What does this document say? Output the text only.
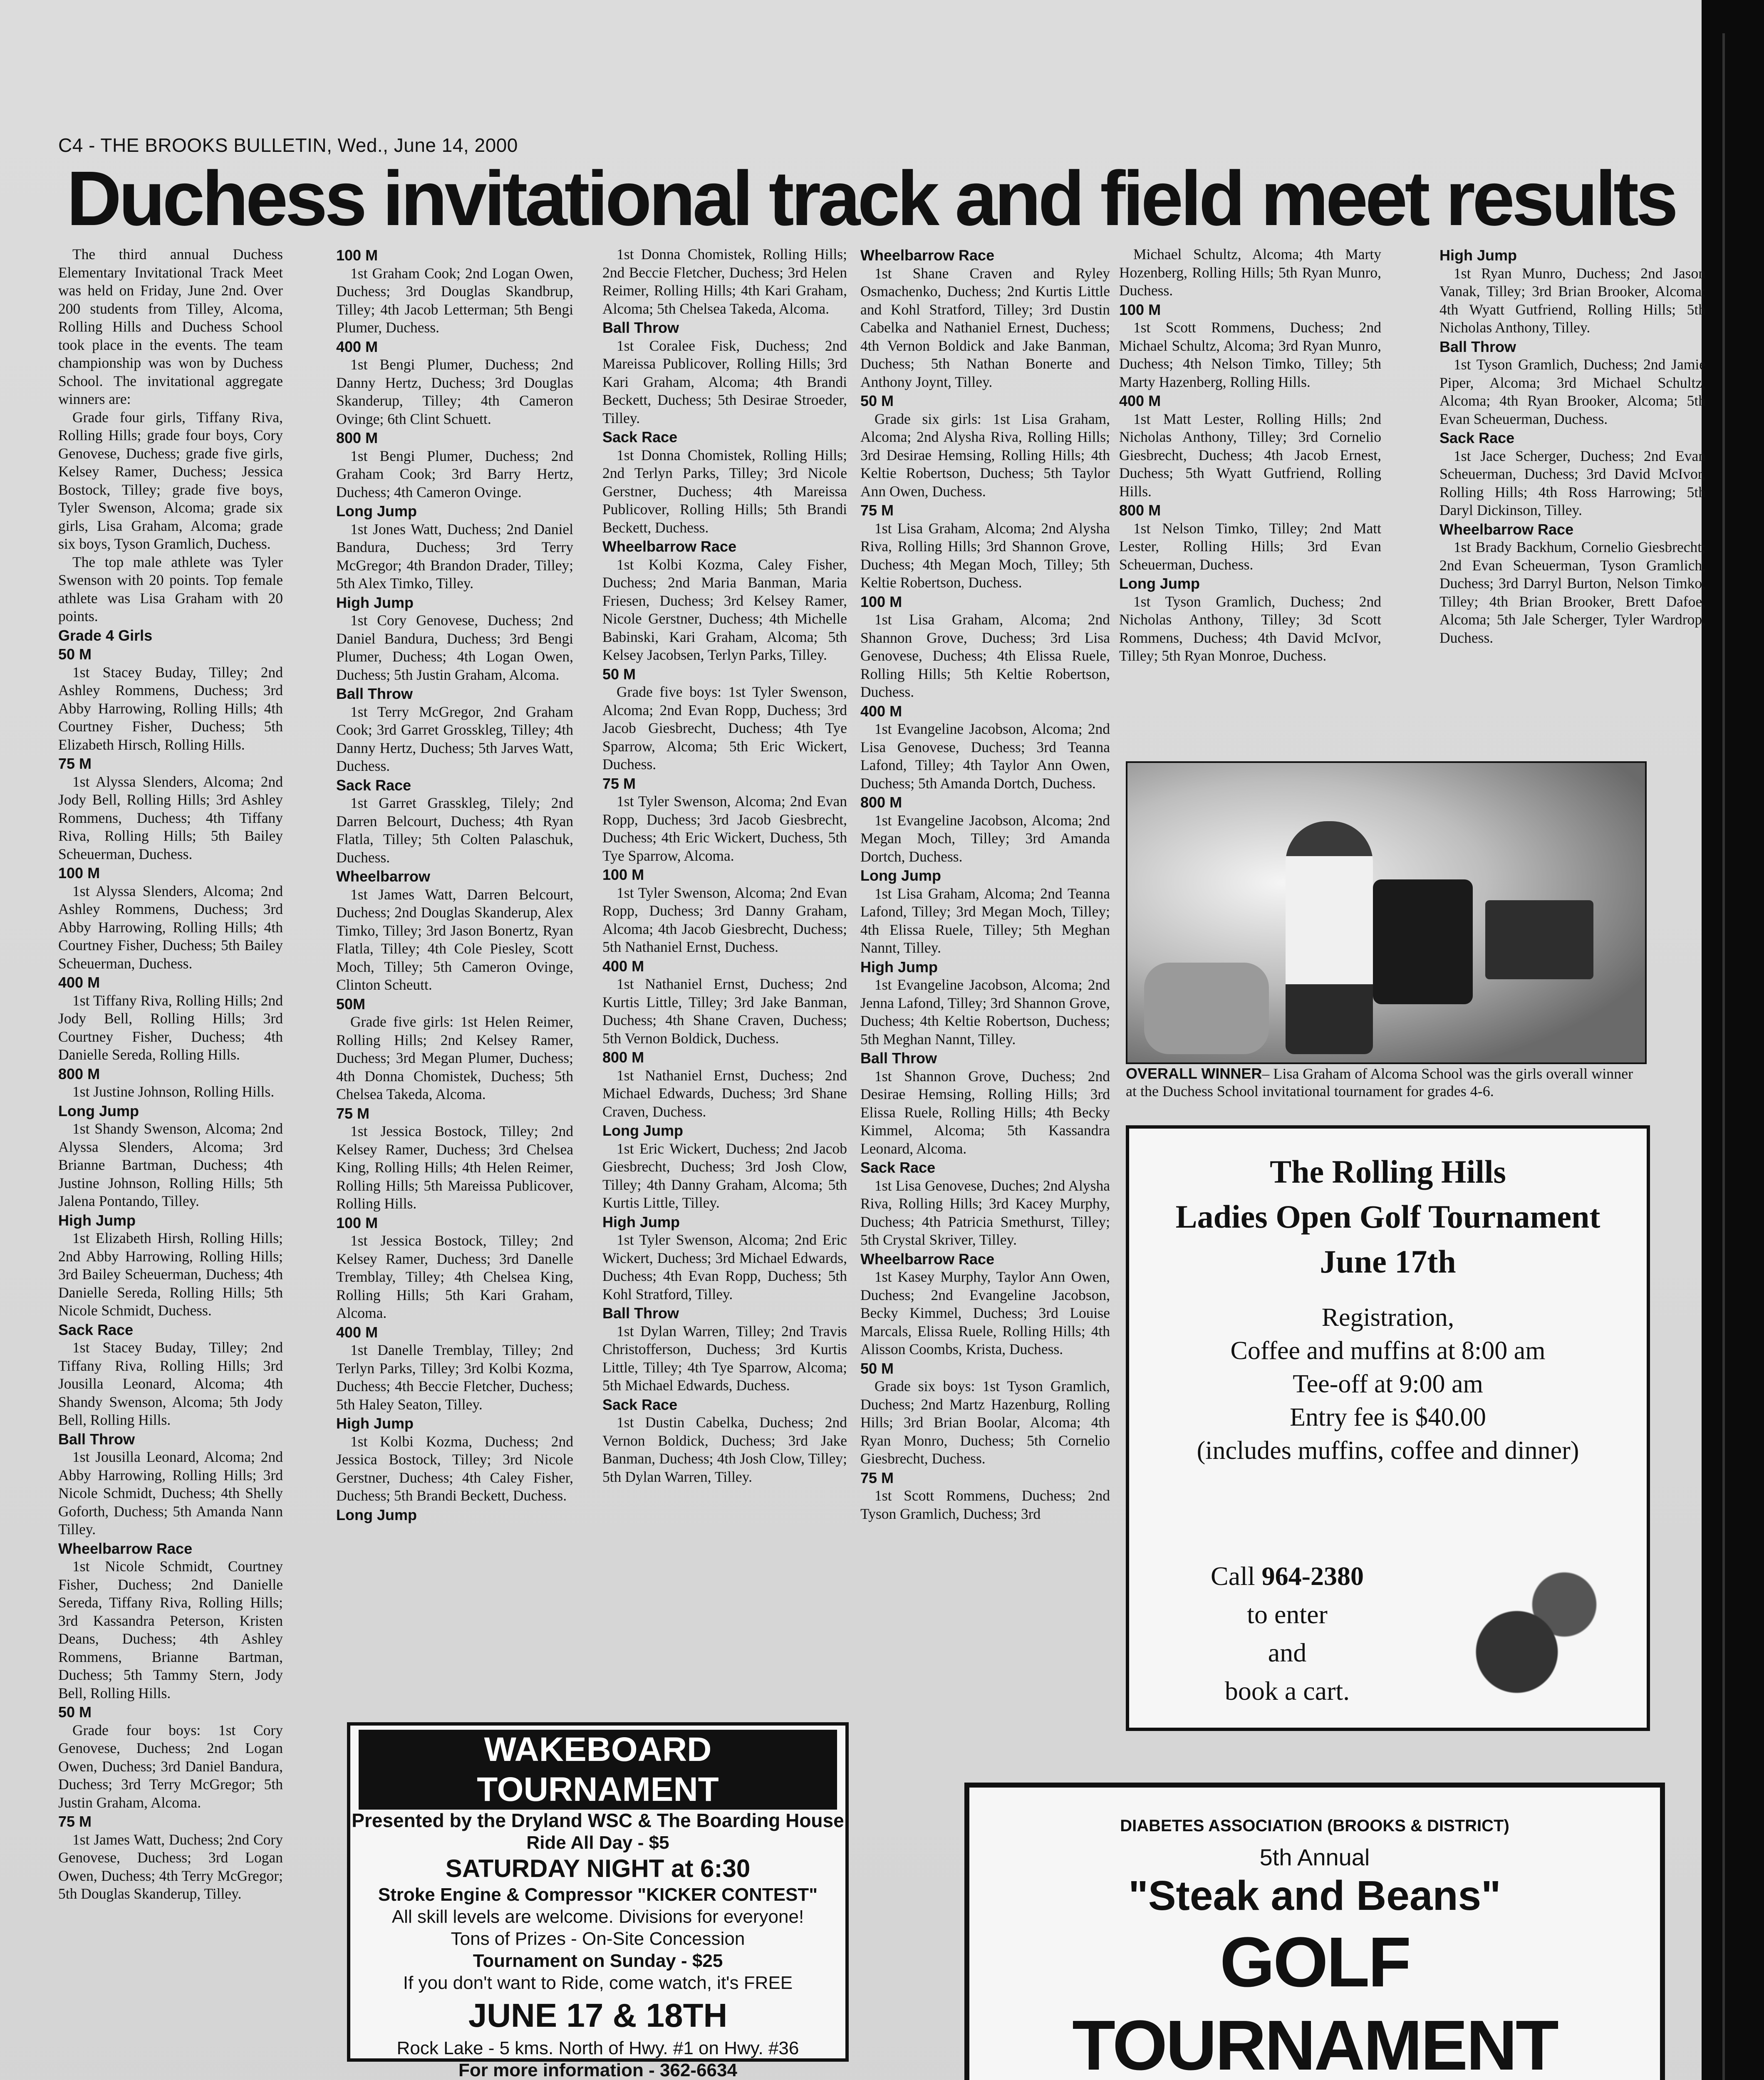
C4 - THE BROOKS BULLETIN, Wed., June 14, 2000
Duchess invitational track and field meet results

The third annual Duchess Elementary Invitational Track Meet was held on Friday, June 2nd. Over 200 students from Tilley, Alcoma, Rolling Hills and Duchess School took place in the events. The team championship was won by Duchess School. The invitational aggregate winners are:

Grade four girls, Tiffany Riva, Rolling Hills; grade four boys, Cory Genovese, Duchess; grade five girls, Kelsey Ramer, Duchess; Jessica Bostock, Tilley; grade five boys, Tyler Swenson, Alcoma; grade six girls, Lisa Graham, Alcoma; grade six boys, Tyson Gramlich, Duchess.

The top male athlete was Tyler Swenson with 20 points. Top female athlete was Lisa Graham with 20 points.

Grade 4 Girls

50 M

1st Stacey Buday, Tilley; 2nd Ashley Rommens, Duchess; 3rd Abby Harrowing, Rolling Hills; 4th Courtney Fisher, Duchess; 5th Elizabeth Hirsch, Rolling Hills.

75 M

1st Alyssa Slenders, Alcoma; 2nd Jody Bell, Rolling Hills; 3rd Ashley Rommens, Duchess; 4th Tiffany Riva, Rolling Hills; 5th Bailey Scheuerman, Duchess.

100 M

1st Alyssa Slenders, Alcoma; 2nd Ashley Rommens, Duchess; 3rd Abby Harrowing, Rolling Hills; 4th Courtney Fisher, Duchess; 5th Bailey Scheuerman, Duchess.

400 M

1st Tiffany Riva, Rolling Hills; 2nd Jody Bell, Rolling Hills; 3rd Courtney Fisher, Duchess; 4th Danielle Sereda, Rolling Hills.

800 M

1st Justine Johnson, Rolling Hills.

Long Jump

1st Shandy Swenson, Alcoma; 2nd Alyssa Slenders, Alcoma; 3rd Brianne Bartman, Duchess; 4th Justine Johnson, Rolling Hills; 5th Jalena Pontando, Tilley.

High Jump

1st Elizabeth Hirsh, Rolling Hills; 2nd Abby Harrowing, Rolling Hills; 3rd Bailey Scheuerman, Duchess; 4th Danielle Sereda, Rolling Hills; 5th Nicole Schmidt, Duchess.

Sack Race

1st Stacey Buday, Tilley; 2nd Tiffany Riva, Rolling Hills; 3rd Jousilla Leonard, Alcoma; 4th Shandy Swenson, Alcoma; 5th Jody Bell, Rolling Hills.

Ball Throw

1st Jousilla Leonard, Alcoma; 2nd Abby Harrowing, Rolling Hills; 3rd Nicole Schmidt, Duchess; 4th Shelly Goforth, Duchess; 5th Amanda Nann Tilley.

Wheelbarrow Race

1st Nicole Schmidt, Courtney Fisher, Duchess; 2nd Danielle Sereda, Tiffany Riva, Rolling Hills; 3rd Kassandra Peterson, Kristen Deans, Duchess; 4th Ashley Rommens, Brianne Bartman, Duchess; 5th Tammy Stern, Jody Bell, Rolling Hills.

50 M

Grade four boys: 1st Cory Genovese, Duchess; 2nd Logan Owen, Duchess; 3rd Daniel Bandura, Duchess; 3rd Terry McGregor; 5th Justin Graham, Alcoma.

75 M

1st James Watt, Duchess; 2nd Cory Genovese, Duchess; 3rd Logan Owen, Duchess; 4th Terry McGregor; 5th Douglas Skanderup, Tilley.

100 M

1st Graham Cook; 2nd Logan Owen, Duchess; 3rd Douglas Skandbrup, Tilley; 4th Jacob Letterman; 5th Bengi Plumer, Duchess.

400 M

1st Bengi Plumer, Duchess; 2nd Danny Hertz, Duchess; 3rd Douglas Skanderup, Tilley; 4th Cameron Ovinge; 6th Clint Schuett.

800 M

1st Bengi Plumer, Duchess; 2nd Graham Cook; 3rd Barry Hertz, Duchess; 4th Cameron Ovinge.

Long Jump

1st Jones Watt, Duchess; 2nd Daniel Bandura, Duchess; 3rd Terry McGregor; 4th Brandon Drader, Tilley; 5th Alex Timko, Tilley.

High Jump

1st Cory Genovese, Duchess; 2nd Daniel Bandura, Duchess; 3rd Bengi Plumer, Duchess; 4th Logan Owen, Duchess; 5th Justin Graham, Alcoma.

Ball Throw

1st Terry McGregor, 2nd Graham Cook; 3rd Garret Grosskleg, Tilley; 4th Danny Hertz, Duchess; 5th Jarves Watt, Duchess.

Sack Race

1st Garret Grasskleg, Tilely; 2nd Darren Belcourt, Duchess; 4th Ryan Flatla, Tilley; 5th Colten Palaschuk, Duchess.

Wheelbarrow

1st James Watt, Darren Belcourt, Duchess; 2nd Douglas Skanderup, Alex Timko, Tilley; 3rd Jason Bonertz, Ryan Flatla, Tilley; 4th Cole Piesley, Scott Moch, Tilley; 5th Cameron Ovinge, Clinton Scheutt.

50M

Grade five girls: 1st Helen Reimer, Rolling Hills; 2nd Kelsey Ramer, Duchess; 3rd Megan Plumer, Duchess; 4th Donna Chomistek, Duchess; 5th Chelsea Takeda, Alcoma.

75 M

1st Jessica Bostock, Tilley; 2nd Kelsey Ramer, Duchess; 3rd Chelsea King, Rolling Hills; 4th Helen Reimer, Rolling Hills; 5th Mareissa Publicover, Rolling Hills.

100 M

1st Jessica Bostock, Tilley; 2nd Kelsey Ramer, Duchess; 3rd Danelle Tremblay, Tilley; 4th Chelsea King, Rolling Hills; 5th Kari Graham, Alcoma.

400 M

1st Danelle Tremblay, Tilley; 2nd Terlyn Parks, Tilley; 3rd Kolbi Kozma, Duchess; 4th Beccie Fletcher, Duchess; 5th Haley Seaton, Tilley.

High Jump

1st Kolbi Kozma, Duchess; 2nd Jessica Bostock, Tilley; 3rd Nicole Gerstner, Duchess; 4th Caley Fisher, Duchess; 5th Brandi Beckett, Duchess.

Long Jump

1st Donna Chomistek, Rolling Hills; 2nd Beccie Fletcher, Duchess; 3rd Helen Reimer, Rolling Hills; 4th Kari Graham, Alcoma; 5th Chelsea Takeda, Alcoma.

Ball Throw

1st Coralee Fisk, Duchess; 2nd Mareissa Publicover, Rolling Hills; 3rd Kari Graham, Alcoma; 4th Brandi Beckett, Duchess; 5th Desirae Stroeder, Tilley.

Sack Race

1st Donna Chomistek, Rolling Hills; 2nd Terlyn Parks, Tilley; 3rd Nicole Gerstner, Duchess; 4th Mareissa Publicover, Rolling Hills; 5th Brandi Beckett, Duchess.

Wheelbarrow Race

1st Kolbi Kozma, Caley Fisher, Duchess; 2nd Maria Banman, Maria Friesen, Duchess; 3rd Kelsey Ramer, Nicole Gerstner, Duchess; 4th Michelle Babinski, Kari Graham, Alcoma; 5th Kelsey Jacobsen, Terlyn Parks, Tilley.

50 M

Grade five boys: 1st Tyler Swenson, Alcoma; 2nd Evan Ropp, Duchess; 3rd Jacob Giesbrecht, Duchess; 4th Tye Sparrow, Alcoma; 5th Eric Wickert, Duchess.

75 M

1st Tyler Swenson, Alcoma; 2nd Evan Ropp, Duchess; 3rd Jacob Giesbrecht, Duchess; 4th Eric Wickert, Duchess, 5th Tye Sparrow, Alcoma.

100 M

1st Tyler Swenson, Alcoma; 2nd Evan Ropp, Duchess; 3rd Danny Graham, Alcoma; 4th Jacob Giesbrecht, Duchess; 5th Nathaniel Ernst, Duchess.

400 M

1st Nathaniel Ernst, Duchess; 2nd Kurtis Little, Tilley; 3rd Jake Banman, Duchess; 4th Shane Craven, Duchess; 5th Vernon Boldick, Duchess.

800 M

1st Nathaniel Ernst, Duchess; 2nd Michael Edwards, Duchess; 3rd Shane Craven, Duchess.

Long Jump

1st Eric Wickert, Duchess; 2nd Jacob Giesbrecht, Duchess; 3rd Josh Clow, Tilley; 4th Danny Graham, Alcoma; 5th Kurtis Little, Tilley.

High Jump

1st Tyler Swenson, Alcoma; 2nd Eric Wickert, Duchess; 3rd Michael Edwards, Duchess; 4th Evan Ropp, Duchess; 5th Kohl Stratford, Tilley.

Ball Throw

1st Dylan Warren, Tilley; 2nd Travis Christofferson, Duchess; 3rd Kurtis Little, Tilley; 4th Tye Sparrow, Alcoma; 5th Michael Edwards, Duchess.

Sack Race

1st Dustin Cabelka, Duchess; 2nd Vernon Boldick, Duchess; 3rd Jake Banman, Duchess; 4th Josh Clow, Tilley; 5th Dylan Warren, Tilley.

Wheelbarrow Race

1st Shane Craven and Ryley Osmachenko, Duchess; 2nd Kurtis Little and Kohl Stratford, Tilley; 3rd Dustin Cabelka and Nathaniel Ernest, Duchess; 4th Vernon Boldick and Jake Banman, Duchess; 5th Nathan Bonerte and Anthony Joynt, Tilley.

50 M

Grade six girls: 1st Lisa Graham, Alcoma; 2nd Alysha Riva, Rolling Hills; 3rd Desirae Hemsing, Rolling Hills; 4th Keltie Robertson, Duchess; 5th Taylor Ann Owen, Duchess.

75 M

1st Lisa Graham, Alcoma; 2nd Alysha Riva, Rolling Hills; 3rd Shannon Grove, Duchess; 4th Megan Moch, Tilley; 5th Keltie Robertson, Duchess.

100 M

1st Lisa Graham, Alcoma; 2nd Shannon Grove, Duchess; 3rd Lisa Genovese, Duchess; 4th Elissa Ruele, Rolling Hills; 5th Keltie Robertson, Duchess.

400 M

1st Evangeline Jacobson, Alcoma; 2nd Lisa Genovese, Duchess; 3rd Teanna Lafond, Tilley; 4th Taylor Ann Owen, Duchess; 5th Amanda Dortch, Duchess.

800 M

1st Evangeline Jacobson, Alcoma; 2nd Megan Moch, Tilley; 3rd Amanda Dortch, Duchess.

Long Jump

1st Lisa Graham, Alcoma; 2nd Teanna Lafond, Tilley; 3rd Megan Moch, Tilley; 4th Elissa Ruele, Tilley; 5th Meghan Nannt, Tilley.

High Jump

1st Evangeline Jacobson, Alcoma; 2nd Jenna Lafond, Tilley; 3rd Shannon Grove, Duchess; 4th Keltie Robertson, Duchess; 5th Meghan Nannt, Tilley.

Ball Throw

1st Shannon Grove, Duchess; 2nd Desirae Hemsing, Rolling Hills; 3rd Elissa Ruele, Rolling Hills; 4th Becky Kimmel, Alcoma; 5th Kassandra Leonard, Alcoma.

Sack Race

1st Lisa Genovese, Duches; 2nd Alysha Riva, Rolling Hills; 3rd Kacey Murphy, Duchess; 4th Patricia Smethurst, Tilley; 5th Crystal Skriver, Tilley.

Wheelbarrow Race

1st Kasey Murphy, Taylor Ann Owen, Duchess; 2nd Evangeline Jacobson, Becky Kimmel, Duchess; 3rd Louise Marcals, Elissa Ruele, Rolling Hills; 4th Alisson Coombs, Krista, Duchess.

50 M

Grade six boys: 1st Tyson Gramlich, Duchess; 2nd Martz Hazenburg, Rolling Hills; 3rd Brian Boolar, Alcoma; 4th Ryan Monro, Duchess; 5th Cornelio Giesbrecht, Duchess.

75 M

1st Scott Rommens, Duchess; 2nd Tyson Gramlich, Duchess; 3rd

Michael Schultz, Alcoma; 4th Marty Hozenberg, Rolling Hills; 5th Ryan Munro, Duchess.

100 M

1st Scott Rommens, Duchess; 2nd Michael Schultz, Alcoma; 3rd Ryan Munro, Duchess; 4th Nelson Timko, Tilley; 5th Marty Hazenberg, Rolling Hills.

400 M

1st Matt Lester, Rolling Hills; 2nd Nicholas Anthony, Tilley; 3rd Cornelio Giesbrecht, Duchess; 4th Jacob Ernest, Duchess; 5th Wyatt Gutfriend, Rolling Hills.

800 M

1st Nelson Timko, Tilley; 2nd Matt Lester, Rolling Hills; 3rd Evan Scheuerman, Duchess.

Long Jump

1st Tyson Gramlich, Duchess; 2nd Nicholas Anthony, Tilley; 3d Scott Rommens, Duchess; 4th David McIvor, Tilley; 5th Ryan Monroe, Duchess.

High Jump

1st Ryan Munro, Duchess; 2nd Jason Vanak, Tilley; 3rd Brian Brooker, Alcoma; 4th Wyatt Gutfriend, Rolling Hills; 5th Nicholas Anthony, Tilley.

Ball Throw

1st Tyson Gramlich, Duchess; 2nd Jamie Piper, Alcoma; 3rd Michael Schultz, Alcoma; 4th Ryan Brooker, Alcoma; 5th Evan Scheuerman, Duchess.

Sack Race

1st Jace Scherger, Duchess; 2nd Evan Scheuerman, Duchess; 3rd David McIvor, Rolling Hills; 4th Ross Harrowing; 5th Daryl Dickinson, Tilley.

Wheelbarrow Race

1st Brady Backhum, Cornelio Giesbrecht; 2nd Evan Scheuerman, Tyson Gramlich, Duchess; 3rd Darryl Burton, Nelson Timko, Tilley; 4th Brian Brooker, Brett Dafoe, Alcoma; 5th Jale Scherger, Tyler Wardrop, Duchess.

OVERALL WINNER– Lisa Graham of Alcoma School was the girls overall winner at the Duchess School invitational tournament for grades 4-6.
The Rolling Hills
Ladies Open Golf Tournament
June 17th
Registration,
Coffee and muffins at 8:00 am
Tee-off at 9:00 am
Entry fee is $40.00
(includes muffins, coffee and dinner)
Call 964-2380
to enter
and
book a cart.
WAKEBOARD TOURNAMENT
Presented by the Dryland WSC & The Boarding House
Ride All Day - $5
SATURDAY NIGHT at 6:30
Stroke Engine & Compressor "KICKER CONTEST"
All skill levels are welcome. Divisions for everyone!
Tons of Prizes - On-Site Concession
Tournament on Sunday - $25
If you don't want to Ride, come watch, it's FREE
JUNE 17 & 18TH
Rock Lake - 5 kms. North of Hwy. #1 on Hwy. #36
For more information - 362-6634
DIABETES ASSOCIATION (BROOKS & DISTRICT)
5th Annual
"Steak and Beans"
GOLF TOURNAMENT
